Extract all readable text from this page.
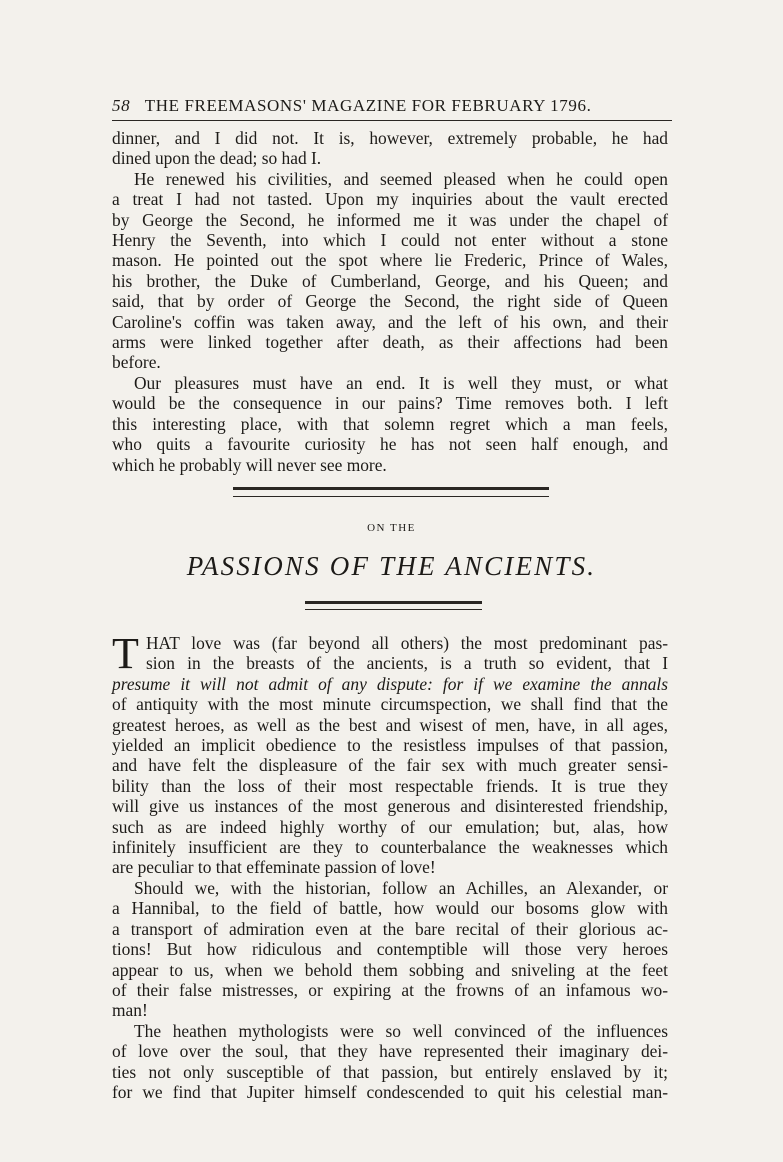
58 THE FREEMASONS' MAGAZINE FOR FEBRUARY 1796.
dinner, and I did not. It is, however, extremely probable, he had
dined upon the dead; so had I.
He renewed his civilities, and seemed pleased when he could open
a treat I had not tasted. Upon my inquiries about the vault erected
by George the Second, he informed me it was under the chapel of
Henry the Seventh, into which I could not enter without a stone
mason. He pointed out the spot where lie Frederic, Prince of Wales,
his brother, the Duke of Cumberland, George, and his Queen; and
said, that by order of George the Second, the right side of Queen
Caroline's coffin was taken away, and the left of his own, and their
arms were linked together after death, as their affections had been
before.
Our pleasures must have an end. It is well they must, or what
would be the consequence in our pains? Time removes both. I left
this interesting place, with that solemn regret which a man feels,
who quits a favourite curiosity he has not seen half enough, and
which he probably will never see more.
ON THE
PASSIONS OF THE ANCIENTS.
T HAT love was (far beyond all others) the most predominant pas-
sion in the breasts of the ancients, is a truth so evident, that I
presume it will not admit of any dispute: for if we examine the annals
of antiquity with the most minute circumspection, we shall find that the
greatest heroes, as well as the best and wisest of men, have, in all ages,
yielded an implicit obedience to the resistless impulses of that passion,
and have felt the displeasure of the fair sex with much greater sensi-
bility than the loss of their most respectable friends. It is true they
will give us instances of the most generous and disinterested friendship,
such as are indeed highly worthy of our emulation; but, alas, how
infinitely insufficient are they to counterbalance the weaknesses which
are peculiar to that effeminate passion of love!
Should we, with the historian, follow an Achilles, an Alexander, or
a Hannibal, to the field of battle, how would our bosoms glow with
a transport of admiration even at the bare recital of their glorious ac-
tions! But how ridiculous and contemptible will those very heroes
appear to us, when we behold them sobbing and sniveling at the feet
of their false mistresses, or expiring at the frowns of an infamous wo-
man!
The heathen mythologists were so well convinced of the influences
of love over the soul, that they have represented their imaginary dei-
ties not only susceptible of that passion, but entirely enslaved by it;
for we find that Jupiter himself condescended to quit his celestial man-
